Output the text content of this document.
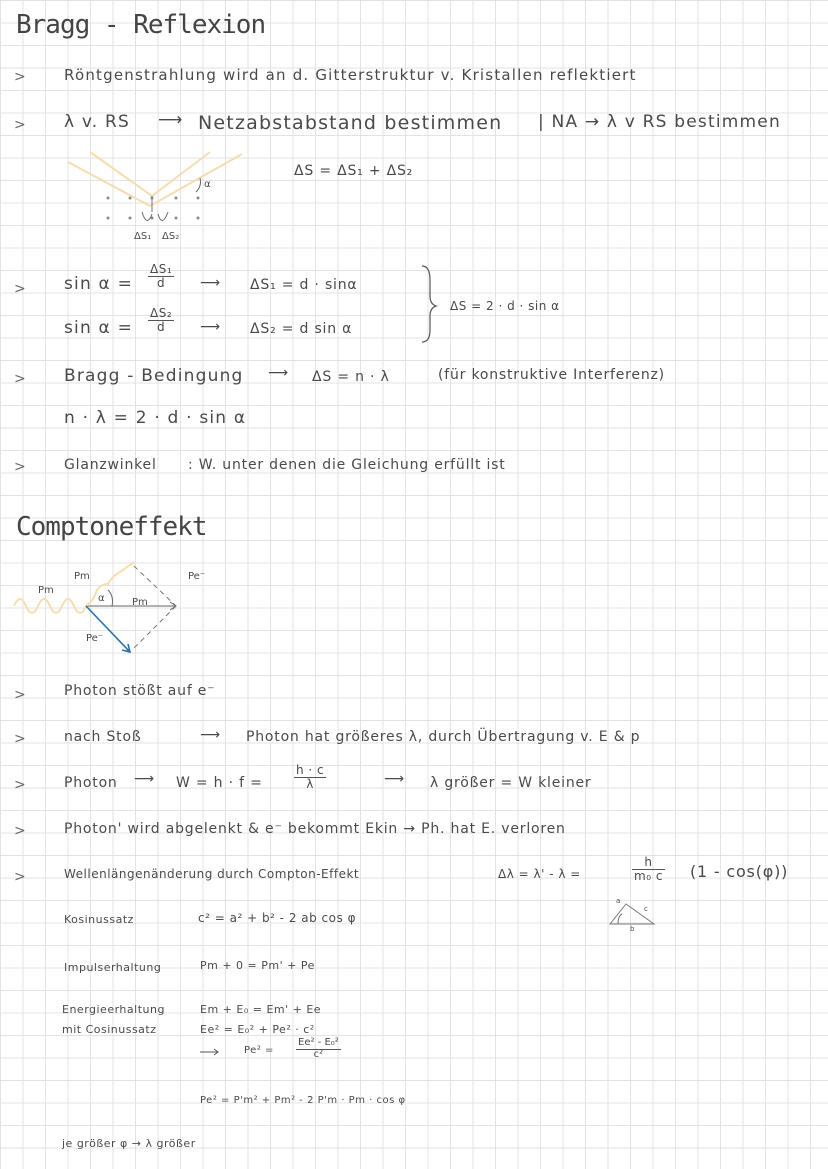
Bragg - Reflexion
>	Röntgenstrahlung wird an d. Gitterstruktur v. Kristallen reflektiert
> λ v. RS ⟶ Netzabstabstand bestimmen | NA → λ v RS bestimmen
ΔS = ΔS₁ + ΔS₂
α
ΔS₁ ΔS₂
> $\sin \alpha = \frac{\text{ΔS₁}}{d}$ ⟶ ΔS₁ = d · sinα
$\sin \alpha = \frac{\text{ΔS₂}}{d}$ ⟶ ΔS₂ = d sin α
ΔS = 2 · d · sin α
> Bragg - Bedingung ⟶ ΔS = n · λ	(für konstruktive Interferenz)
n · λ = 2 · d · sin α
>	Glanzwinkel : W. unter denen die Gleichung erfüllt ist
Comptoneffekt
Pm
Pm
Pm
Pe⁻
Pe⁻
α
>	Photon stößt auf e⁻
>	nach Stoß	⟶ Photon hat größeres λ, durch Übertragung v. E & p
>	Photon ⟶ W = h · f =	$\frac{h \cdot c}{\lambda}$	⟶ λ größer = W kleiner
>	Photon' wird abgelenkt & e⁻ bekommt Ekin → Ph. hat E. verloren
>	Wellenlängenänderung durch Compton-Effekt	Δλ = λ' - λ =	$\frac{h}{\text{m₀ c}} (1 - \cos(\varphi))$
a
b
c
Kosinussatz	c² = a² + b² - 2 ab cos φ
Impulserhaltung	Pm + 0 = Pm' + Pe
Energieerhaltung
mit Cosinussatz
Em + E₀ = Em' + Ee
Ee² = E₀² + Pe² · c²
$Pe^2 = \frac{\text{Ee² - E₀²}}{\text{c²}}$
Pe² = P'm² + Pm² - 2 P'm · Pm · cos φ
je größer φ → λ größer
